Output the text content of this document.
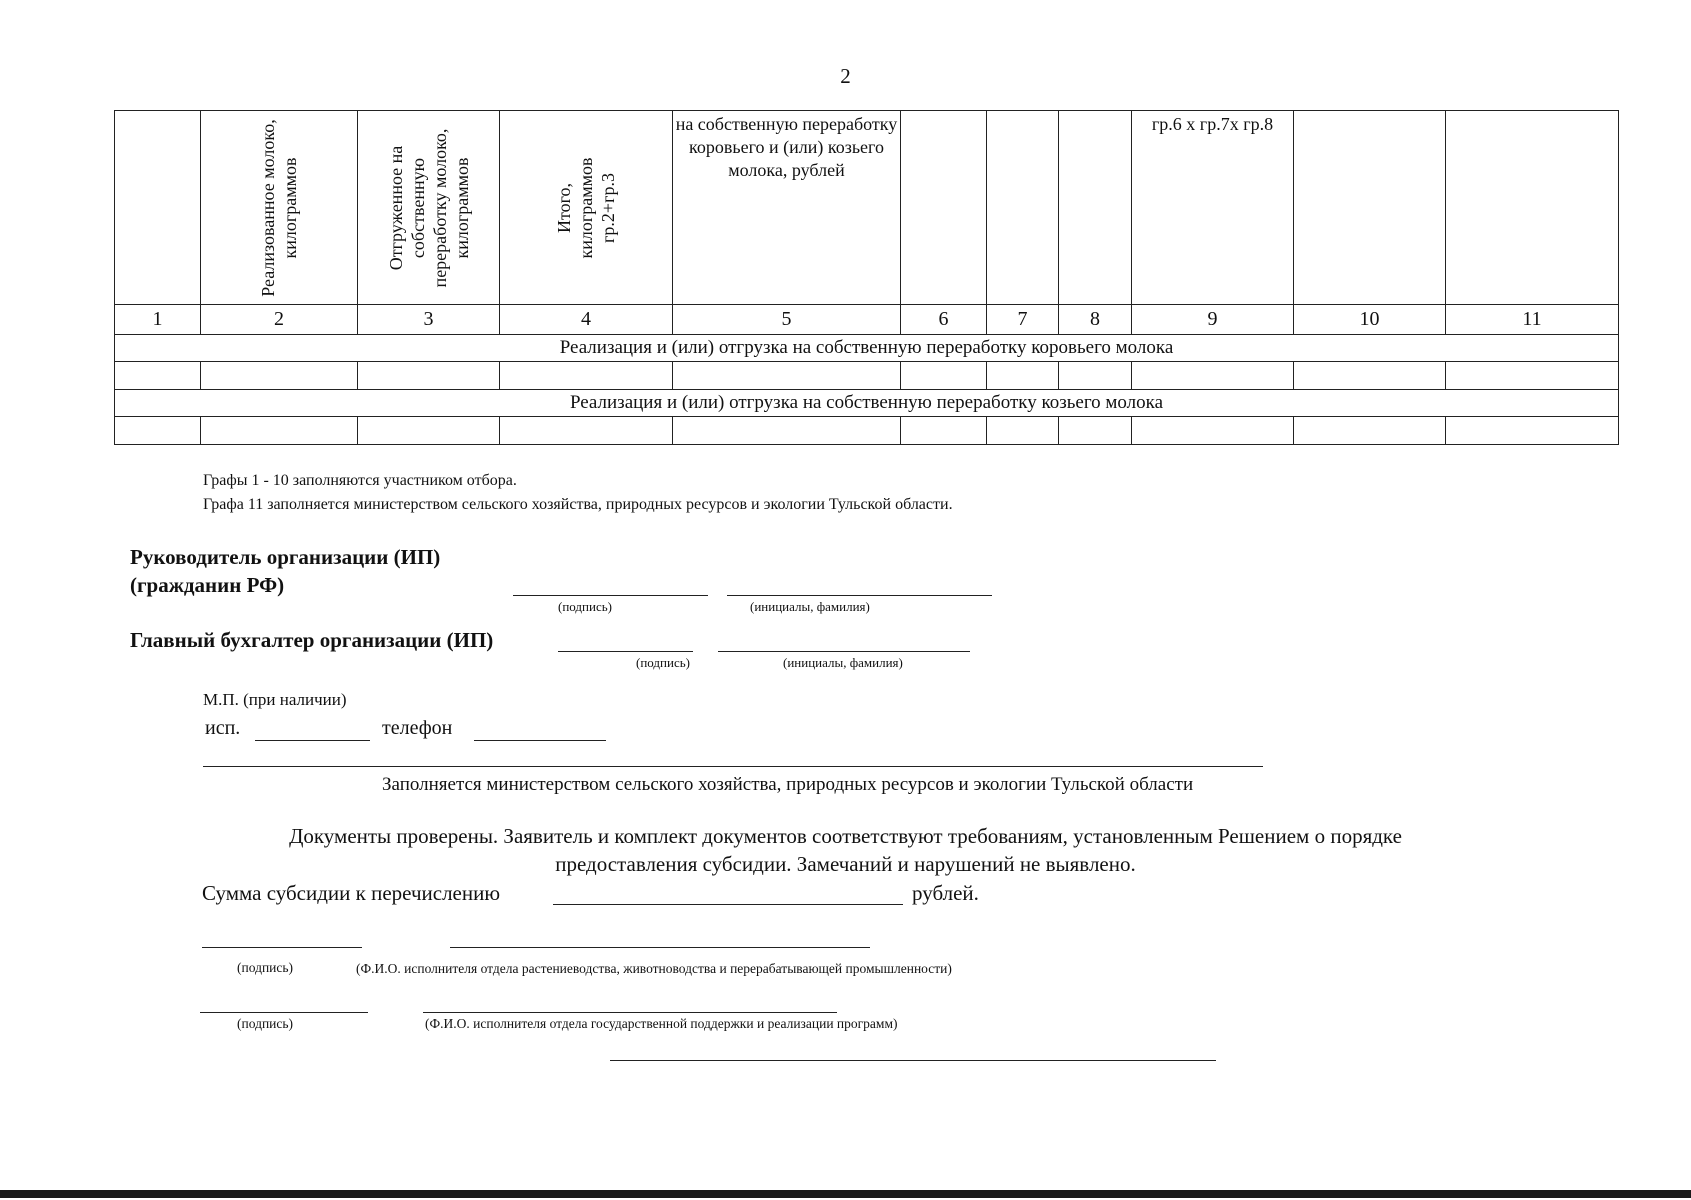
2

	Реализованное молоко, килограммов	Отгруженное на собственную переработку молоко, килограммов	Итого, килограммов гр.2+гр.3	на собственную переработку коровьего и (или) козьего молока, рублей				гр.6 х гр.7х гр.8		

1	2	3	4	5	6	7	8	9	10	11
Реализация и (или) отгрузка на собственную переработку коровьего молока										

Реализация и (или) отгрузка на собственную переработку козьего молока										

Графы 1 - 10 заполняются участником отбора.
Графа 11 заполняется министерством сельского хозяйства, природных ресурсов и экологии Тульской области.
Руководитель организации (ИП)
(гражданин РФ)
(подпись)	(инициалы, фамилия)
Главный бухгалтер организации (ИП)
(подпись)	(инициалы, фамилия)
М.П. (при наличии)
исп.	телефон
Заполняется министерством сельского хозяйства, природных ресурсов и экологии Тульской области
Документы проверены. Заявитель и комплект документов соответствуют требованиям, установленным Решением о порядке
предоставления субсидии. Замечаний и нарушений не выявлено.
Сумма субсидии к перечислению	рублей.
(подпись)	(Ф.И.О. исполнителя отдела растениеводства, животноводства и перерабатывающей промышленности)
(подпись)	(Ф.И.О. исполнителя отдела государственной поддержки и реализации программ)
